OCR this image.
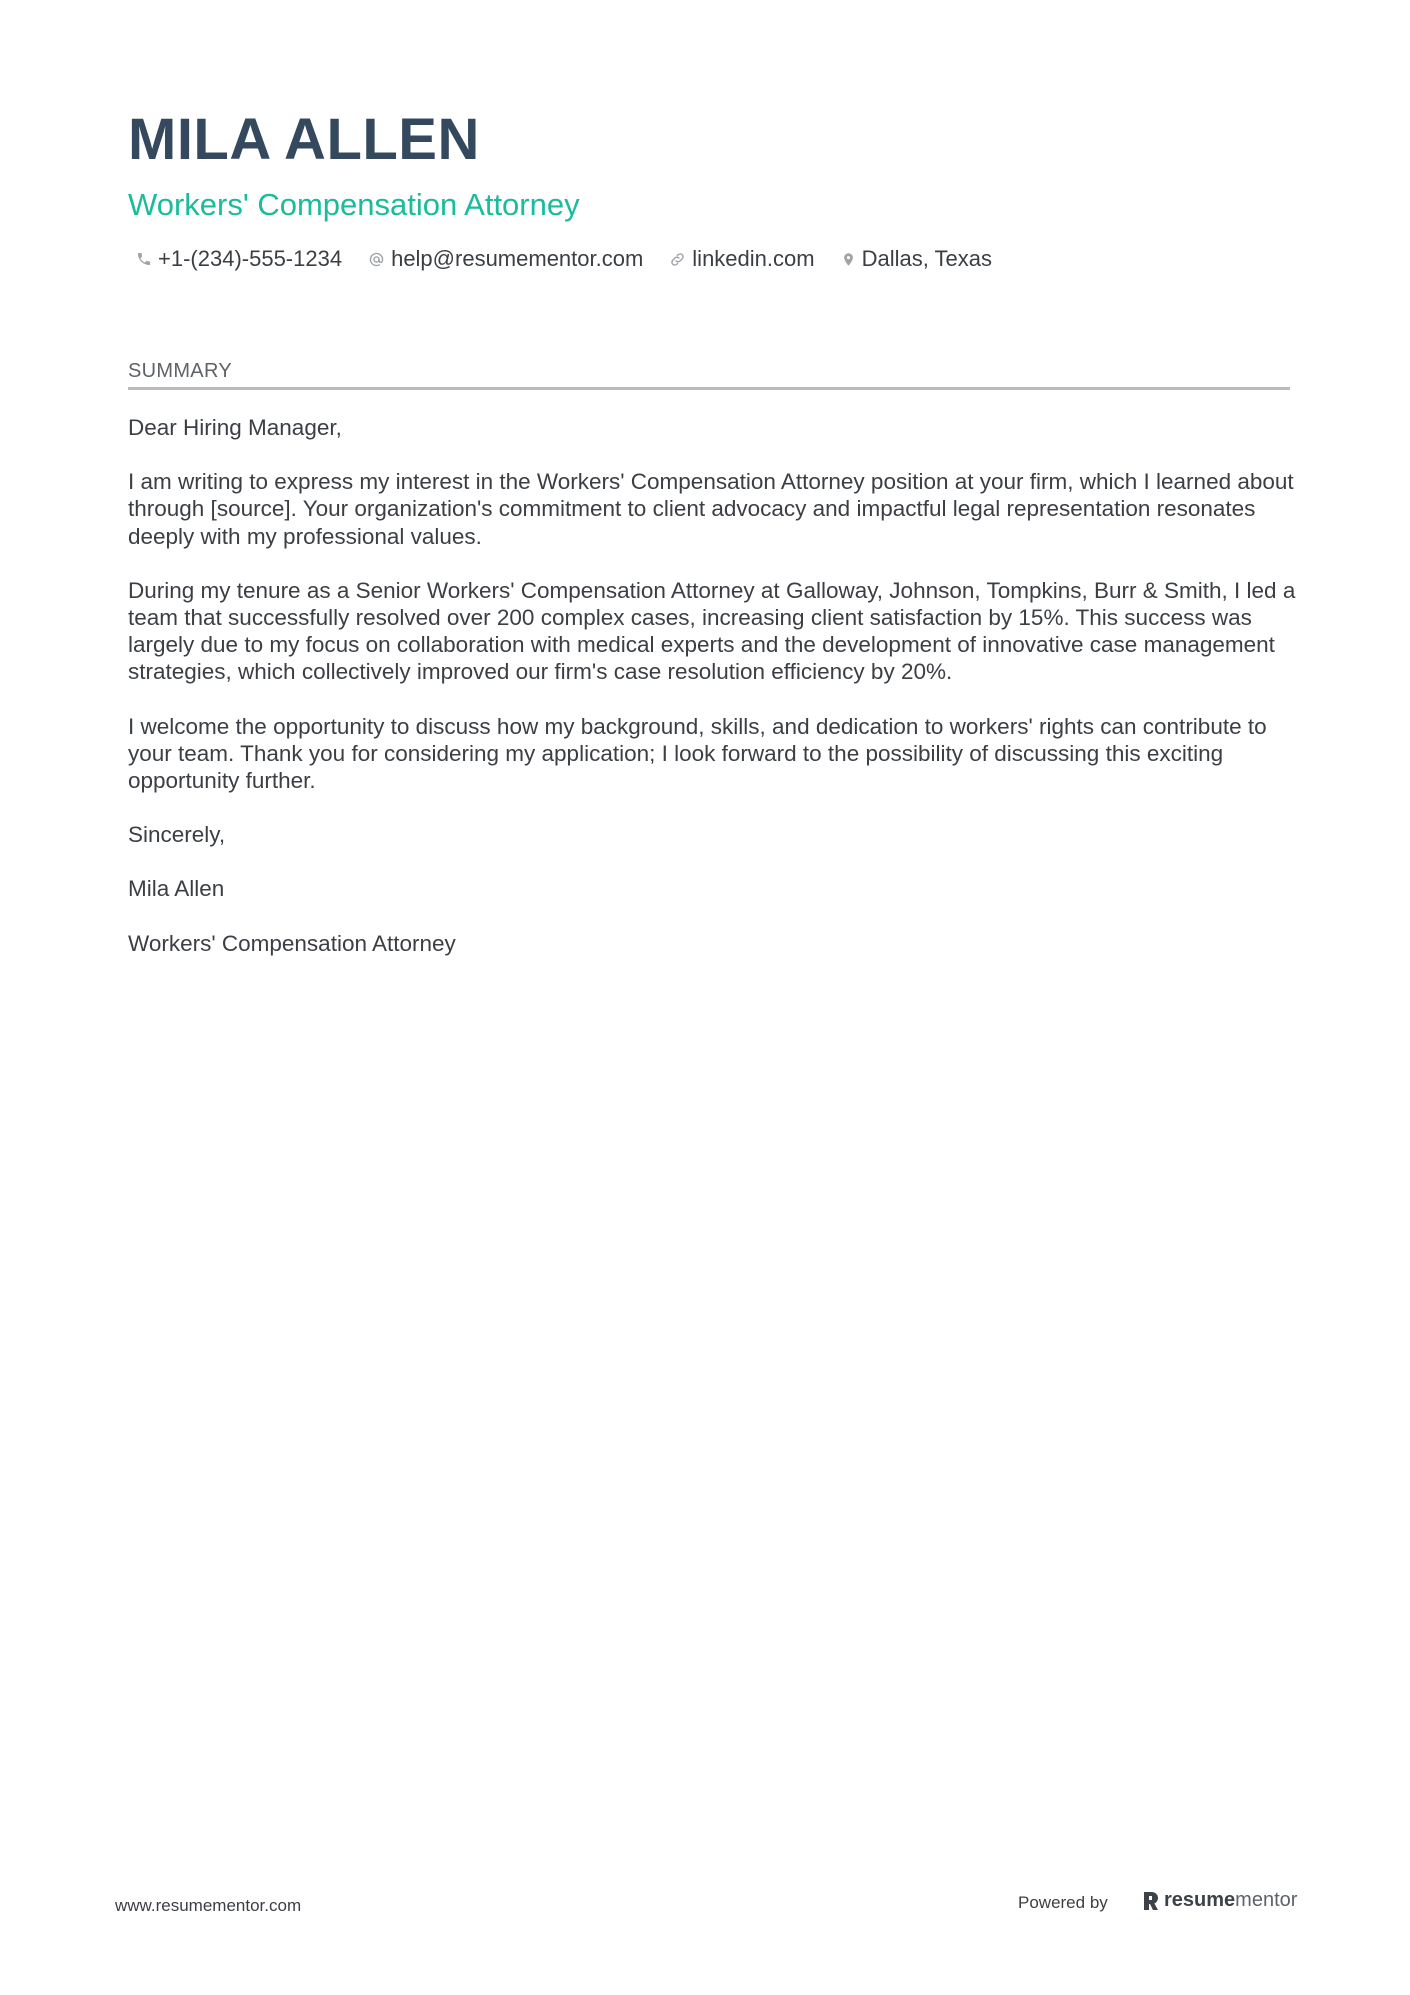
MILA ALLEN
Workers' Compensation Attorney
+1-(234)-555-1234 help@resumementor.com linkedin.com Dallas, Texas
SUMMARY

Dear Hiring Manager,

I am writing to express my interest in the Workers' Compensation Attorney position at your firm, which I learned about through [source]. Your organization's commitment to client advocacy and impactful legal representation resonates deeply with my professional values.

During my tenure as a Senior Workers' Compensation Attorney at Galloway, Johnson, Tompkins, Burr & Smith, I led a team that successfully resolved over 200 complex cases, increasing client satisfaction by 15%. This success was largely due to my focus on collaboration with medical experts and the development of innovative case management strategies, which collectively improved our firm's case resolution efficiency by 20%.

I welcome the opportunity to discuss how my background, skills, and dedication to workers' rights can contribute to your team. Thank you for considering my application; I look forward to the possibility of discussing this exciting opportunity further.

Sincerely,

Mila Allen

Workers' Compensation Attorney

www.resumementor.com	Powered by	resume mentor
